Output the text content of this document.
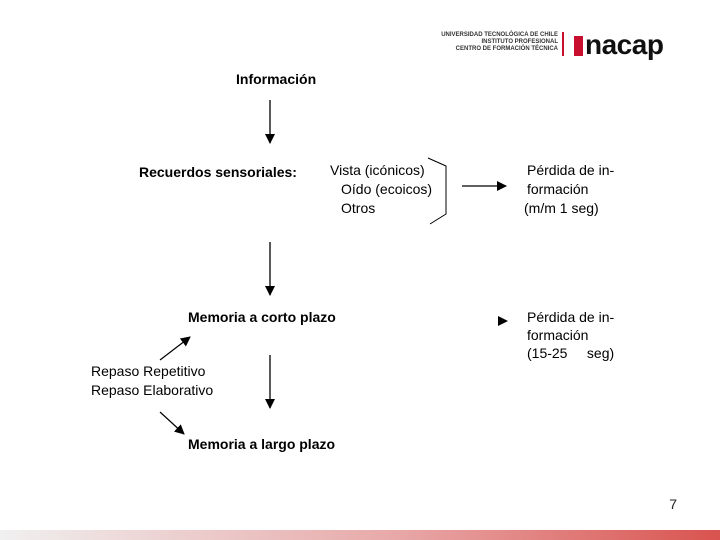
UNIVERSIDAD TECNOLÓGICA DE CHILE
INSTITUTO PROFESIONAL
CENTRO DE FORMACIÓN TÉCNICA nacap
Información
Recuerdos sensoriales: Vista (icónicos)
Oído (ecoicos)
Otros
Pérdida de in-
formación
(m/m 1 seg)
Memoria a corto plazo	Pérdida de in-
formación
(15-25     seg)
Repaso Repetitivo
Repaso Elaborativo
Memoria a largo plazo
7
